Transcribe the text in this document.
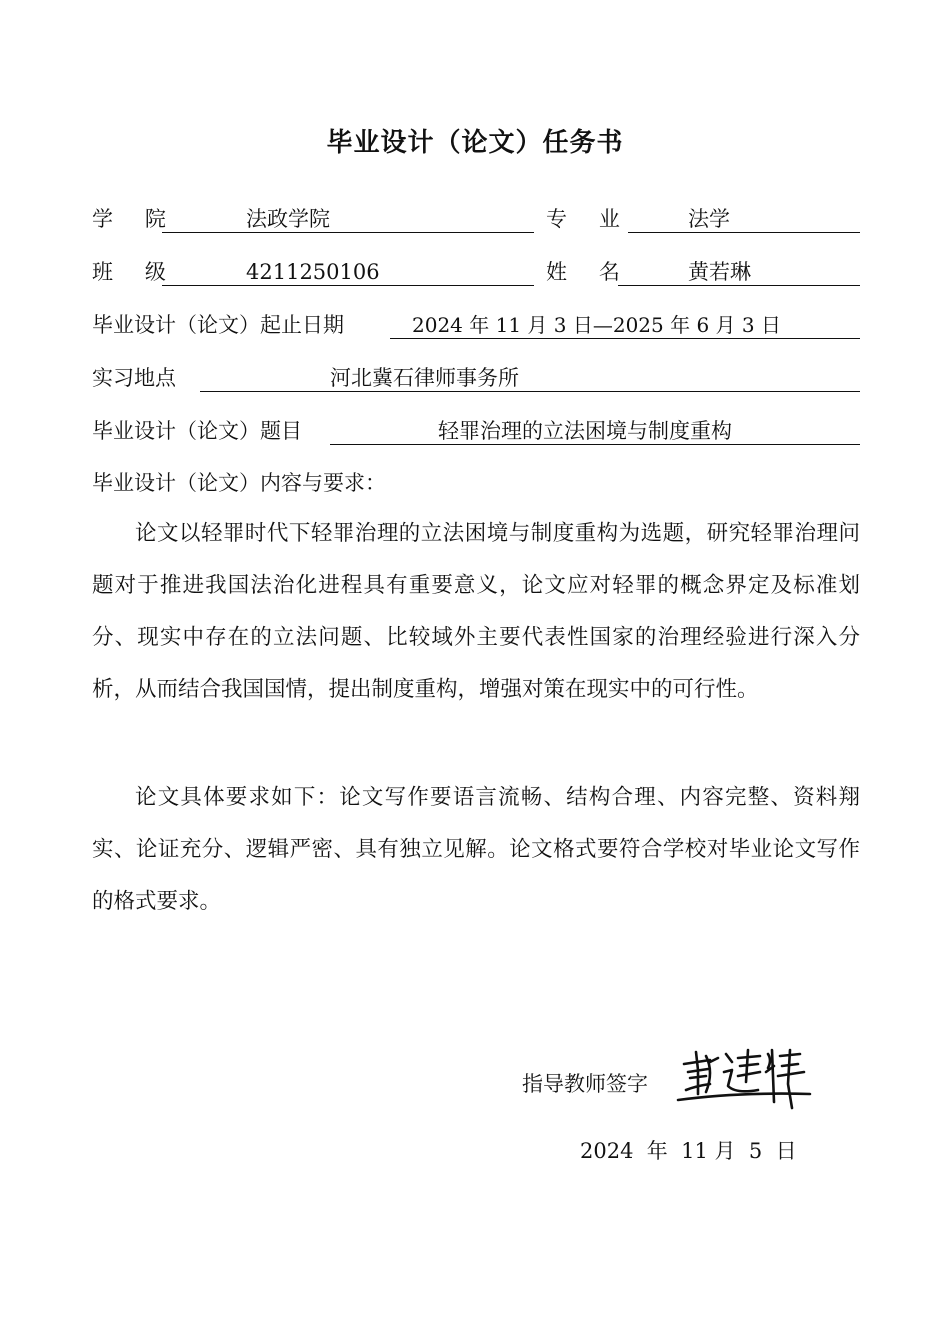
毕业设计（论文）任务书
学 院	法政学院	专 业	法学
班 级	4211250106	姓 名	黄若琳
毕业设计（论文）起止日期	2024 年 11 月 3 日—2025 年 6 月 3 日
实习地点	河北冀石律师事务所
毕业设计（论文）题目	轻罪治理的立法困境与制度重构
毕业设计（论文）内容与要求：

论文以轻罪时代下轻罪治理的立法困境与制度重构为选题，研究轻罪治理问题对于推进我国法治化进程具有重要意义，论文应对轻罪的概念界定及标准划分、现实中存在的立法问题、比较域外主要代表性国家的治理经验进行深入分析，从而结合我国国情，提出制度重构，增强对策在现实中的可行性。

论文具体要求如下：论文写作要语言流畅、结构合理、内容完整、资料翔实、论证充分、逻辑严密、具有独立见解。论文格式要符合学校对毕业论文写作的格式要求。

指导教师签字
2024  年  11 月  5  日
